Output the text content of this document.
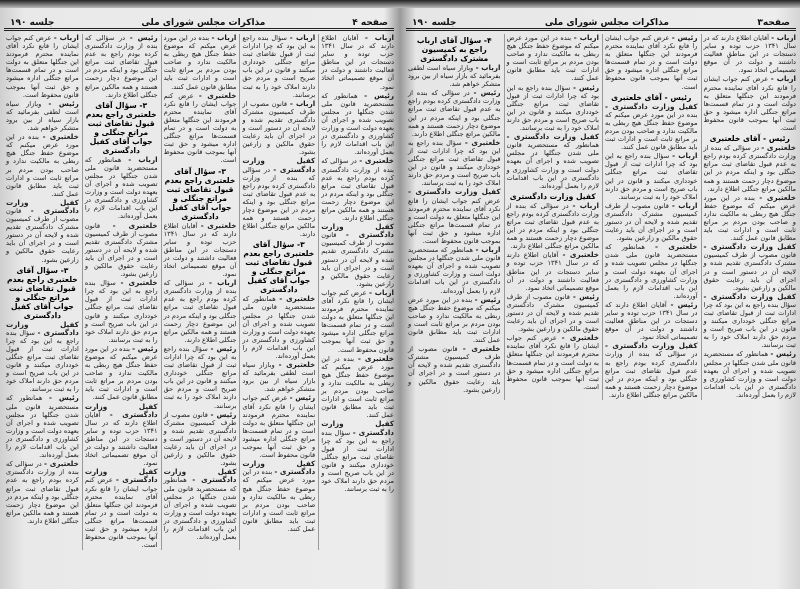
صفحه۳
مذاکرات مجلس شورای ملی
جلسه ۱۹۰

ارباب - آقایان اطلاع دارند که در سال ۱۳۴۱ حزب توده و سایر دستجات در این مناطق فعالیت داشتند و دولت در آن موقع تصمیماتی اتخاذ نمود.

ارباب - عرض کنم جواب ایشان را قانع نکرد آقای نماینده محترم فرمودند این جنگلها متعلق به دولت است و در تمام قسمت‌ها مراتع جنگلی اداره میشود و حق ثبت آنها بموجب قانون محفوظ است.

رئیس - آقای خلعتبری

خلعتبری - در سؤالی که بنده از وزارت دادگستری کرده بودم راجع به عدم قبول تقاضای ثبت مراتع جنگلی بود و اینکه مردم در این موضوع دچار زحمت هستند و همه مالکین مراتع جنگلی اطلاع دارند.

خلعتبری - بنده در این مورد عرض میکنم که موضوع حفظ جنگل هیچ ربطی به مالکیت ندارد و صاحب بودن مردم بر مراتع ثابت است و ادارات ثبت باید مطابق قانون عمل کنند.

کفیل وزارت دادگستری - قانون مصوب از طرف کمیسیون مشترک دادگستری تقدیم شده و لایحه آن در دستور است و در اجرای آن باید رعایت حقوق مالکین و زارعین بشود.

کفیل وزارت دادگستری - سؤال بنده راجع به این بود که چرا ادارات ثبت از قبول تقاضای ثبت مراتع جنگلی خودداری میکنند و قانون در این باب صریح است و مردم حق دارند املاک خود را به ثبت برسانند.

رئیس - همانطور که مستحضرید قانون ملی شدن جنگلها در مجلس تصویب شده و اجرای آن بعهده دولت است و وزارت کشاورزی و دادگستری در این باب اقدامات لازم را بعمل آورده‌اند.

رئیس - عرض کنم جواب ایشان را قانع نکرد آقای نماینده محترم فرمودند این جنگلها متعلق به دولت است و در تمام قسمت‌ها مراتع جنگلی اداره میشود و حق ثبت آنها بموجب قانون محفوظ است.

رئیس - آقای خلعتبری

کفیل وزارت دادگستری - بنده در این مورد عرض میکنم که موضوع حفظ جنگل هیچ ربطی به مالکیت ندارد و صاحب بودن مردم بر مراتع ثابت است و ادارات ثبت باید مطابق قانون عمل کنند.

ارباب - سؤال بنده راجع به این بود که چرا ادارات ثبت از قبول تقاضای ثبت مراتع جنگلی خودداری میکنند و قانون در این باب صریح است و مردم حق دارند املاک خود را به ثبت برسانند.

ارباب - قانون مصوب از طرف کمیسیون مشترک دادگستری تقدیم شده و لایحه آن در دستور است و در اجرای آن باید رعایت حقوق مالکین و زارعین بشود.

خلعتبری - همانطور که مستحضرید قانون ملی شدن جنگلها در مجلس تصویب شده و اجرای آن بعهده دولت است و وزارت کشاورزی و دادگستری در این باب اقدامات لازم را بعمل آورده‌اند.

رئیس - آقایان اطلاع دارند که در سال ۱۳۴۱ حزب توده و سایر دستجات در این مناطق فعالیت داشتند و دولت در آن موقع تصمیماتی اتخاذ نمود.

کفیل وزارت دادگستری - در سؤالی که بنده از وزارت دادگستری کرده بودم راجع به عدم قبول تقاضای ثبت مراتع جنگلی بود و اینکه مردم در این موضوع دچار زحمت هستند و همه مالکین مراتع جنگلی اطلاع دارند.

ارباب - بنده در این مورد عرض میکنم که موضوع حفظ جنگل هیچ ربطی به مالکیت ندارد و صاحب بودن مردم بر مراتع ثابت است و ادارات ثبت باید مطابق قانون عمل کنند.

رئیس - سؤال بنده راجع به این بود که چرا ادارات ثبت از قبول تقاضای ثبت مراتع جنگلی خودداری میکنند و قانون در این باب صریح است و مردم حق دارند املاک خود را به ثبت برسانند.

کفیل وزارت دادگستری - همانطور که مستحضرید قانون ملی شدن جنگلها در مجلس تصویب شده و اجرای آن بعهده دولت است و وزارت کشاورزی و دادگستری در این باب اقدامات لازم را بعمل آورده‌اند.

کفیل وزارت دادگستری

ارباب - در سؤالی که بنده از وزارت دادگستری کرده بودم راجع به عدم قبول تقاضای ثبت مراتع جنگلی بود و اینکه مردم در این موضوع دچار زحمت هستند و همه مالکین مراتع جنگلی اطلاع دارند.

خلعتبری - آقایان اطلاع دارند که در سال ۱۳۴۱ حزب توده و سایر دستجات در این مناطق فعالیت داشتند و دولت در آن موقع تصمیماتی اتخاذ نمود.

رئیس - قانون مصوب از طرف کمیسیون مشترک دادگستری تقدیم شده و لایحه آن در دستور است و در اجرای آن باید رعایت حقوق مالکین و زارعین بشود.

خلعتبری - عرض کنم جواب ایشان را قانع نکرد آقای نماینده محترم فرمودند این جنگلها متعلق به دولت است و در تمام قسمت‌ها مراتع جنگلی اداره میشود و حق ثبت آنها بموجب قانون محفوظ است.

۴- سؤال آقای ارباب راجع به کمیسیون مشترک دادگستری

ارباب - وبازار سیاه است لطفی بفرمائید که بازار سیاه از بین برود متشکر خواهم شد.

رئیس - در سؤالی که بنده از وزارت دادگستری کرده بودم راجع به عدم قبول تقاضای ثبت مراتع جنگلی بود و اینکه مردم در این موضوع دچار زحمت هستند و همه مالکین مراتع جنگلی اطلاع دارند.

خلعتبری - سؤال بنده راجع به این بود که چرا ادارات ثبت از قبول تقاضای ثبت مراتع جنگلی خودداری میکنند و قانون در این باب صریح است و مردم حق دارند املاک خود را به ثبت برسانند.

کفیل وزارت دادگستری - عرض کنم جواب ایشان را قانع نکرد آقای نماینده محترم فرمودند این جنگلها متعلق به دولت است و در تمام قسمت‌ها مراتع جنگلی اداره میشود و حق ثبت آنها بموجب قانون محفوظ است.

ارباب - همانطور که مستحضرید قانون ملی شدن جنگلها در مجلس تصویب شده و اجرای آن بعهده دولت است و وزارت کشاورزی و دادگستری در این باب اقدامات لازم را بعمل آورده‌اند.

رئیس - بنده در این مورد عرض میکنم که موضوع حفظ جنگل هیچ ربطی به مالکیت ندارد و صاحب بودن مردم بر مراتع ثابت است و ادارات ثبت باید مطابق قانون عمل کنند.

خلعتبری - قانون مصوب از طرف کمیسیون مشترک دادگستری تقدیم شده و لایحه آن در دستور است و در اجرای آن باید رعایت حقوق مالکین و زارعین بشود.

صفحه ۴
مذاکرات مجلس شورای ملی
جلسه ۱۹۰

ارباب - آقایان اطلاع دارند که در سال ۱۳۴۱ حزب توده و سایر دستجات در این مناطق فعالیت داشتند و دولت در آن موقع تصمیماتی اتخاذ نمود.

رئیس - همانطور که مستحضرید قانون ملی شدن جنگلها در مجلس تصویب شده و اجرای آن بعهده دولت است و وزارت کشاورزی و دادگستری در این باب اقدامات لازم را بعمل آورده‌اند.

خلعتبری - در سؤالی که بنده از وزارت دادگستری کرده بودم راجع به عدم قبول تقاضای ثبت مراتع جنگلی بود و اینکه مردم در این موضوع دچار زحمت هستند و همه مالکین مراتع جنگلی اطلاع دارند.

کفیل وزارت دادگستری - قانون مصوب از طرف کمیسیون مشترک دادگستری تقدیم شده و لایحه آن در دستور است و در اجرای آن باید رعایت حقوق مالکین و زارعین بشود.

ارباب - عرض کنم جواب ایشان را قانع نکرد آقای نماینده محترم فرمودند این جنگلها متعلق به دولت است و در تمام قسمت‌ها مراتع جنگلی اداره میشود و حق ثبت آنها بموجب قانون محفوظ است.

خلعتبری - بنده در این مورد عرض میکنم که موضوع حفظ جنگل هیچ ربطی به مالکیت ندارد و صاحب بودن مردم بر مراتع ثابت است و ادارات ثبت باید مطابق قانون عمل کنند.

کفیل وزارت دادگستری - سؤال بنده راجع به این بود که چرا ادارات ثبت از قبول تقاضای ثبت مراتع جنگلی خودداری میکنند و قانون در این باب صریح است و مردم حق دارند املاک خود را به ثبت برسانند.

ارباب - سؤال بنده راجع به این بود که چرا ادارات ثبت از قبول تقاضای ثبت مراتع جنگلی خودداری میکنند و قانون در این باب صریح است و مردم حق دارند املاک خود را به ثبت برسانند.

ارباب - قانون مصوب از طرف کمیسیون مشترک دادگستری تقدیم شده و لایحه آن در دستور است و در اجرای آن باید رعایت حقوق مالکین و زارعین بشود.

کفیل وزارت دادگستری - در سؤالی که بنده از وزارت دادگستری کرده بودم راجع به عدم قبول تقاضای ثبت مراتع جنگلی بود و اینکه مردم در این موضوع دچار زحمت هستند و همه مالکین مراتع جنگلی اطلاع دارند.

۳- سؤال آقای خلعتبری راجع بعدم قبول تقاضای ثبت مراتع جنگلی و جواب آقای کفیل دادگستری

خلعتبری - همانطور که مستحضرید قانون ملی شدن جنگلها در مجلس تصویب شده و اجرای آن بعهده دولت است و وزارت کشاورزی و دادگستری در این باب اقدامات لازم را بعمل آورده‌اند.

خلعتبری - وبازار سیاه است لطفی بفرمائید که بازار سیاه از بین برود متشکر خواهم شد.

رئیس - عرض کنم جواب ایشان را قانع نکرد آقای نماینده محترم فرمودند این جنگلها متعلق به دولت است و در تمام قسمت‌ها مراتع جنگلی اداره میشود و حق ثبت آنها بموجب قانون محفوظ است.

کفیل وزارت دادگستری - بنده در این مورد عرض میکنم که موضوع حفظ جنگل هیچ ربطی به مالکیت ندارد و صاحب بودن مردم بر مراتع ثابت است و ادارات ثبت باید مطابق قانون عمل کنند.

ارباب - بنده در این مورد عرض میکنم که موضوع حفظ جنگل هیچ ربطی به مالکیت ندارد و صاحب بودن مردم بر مراتع ثابت است و ادارات ثبت باید مطابق قانون عمل کنند.

خلعتبری - عرض کنم جواب ایشان را قانع نکرد آقای نماینده محترم فرمودند این جنگلها متعلق به دولت است و در تمام قسمت‌ها مراتع جنگلی اداره میشود و حق ثبت آنها بموجب قانون محفوظ است.

۳- سؤال آقای خلعتبری راجع بعدم قبول تقاضای ثبت مراتع جنگلی و جواب آقای کفیل دادگستری

خلعتبری - آقایان اطلاع دارند که در سال ۱۳۴۱ حزب توده و سایر دستجات در این مناطق فعالیت داشتند و دولت در آن موقع تصمیماتی اتخاذ نمود.

ارباب - در سؤالی که بنده از وزارت دادگستری کرده بودم راجع به عدم قبول تقاضای ثبت مراتع جنگلی بود و اینکه مردم در این موضوع دچار زحمت هستند و همه مالکین مراتع جنگلی اطلاع دارند.

رئیس - سؤال بنده راجع به این بود که چرا ادارات ثبت از قبول تقاضای ثبت مراتع جنگلی خودداری میکنند و قانون در این باب صریح است و مردم حق دارند املاک خود را به ثبت برسانند.

رئیس - قانون مصوب از طرف کمیسیون مشترک دادگستری تقدیم شده و لایحه آن در دستور است و در اجرای آن باید رعایت حقوق مالکین و زارعین بشود.

کفیل وزارت دادگستری - همانطور که مستحضرید قانون ملی شدن جنگلها در مجلس تصویب شده و اجرای آن بعهده دولت است و وزارت کشاورزی و دادگستری در این باب اقدامات لازم را بعمل آورده‌اند.

رئیس - در سؤالی که بنده از وزارت دادگستری کرده بودم راجع به عدم قبول تقاضای ثبت مراتع جنگلی بود و اینکه مردم در این موضوع دچار زحمت هستند و همه مالکین مراتع جنگلی اطلاع دارند.

۳- سؤال آقای خلعتبری راجع بعدم قبول تقاضای ثبت مراتع جنگلی و جواب آقای کفیل دادگستری

ارباب - همانطور که مستحضرید قانون ملی شدن جنگلها در مجلس تصویب شده و اجرای آن بعهده دولت است و وزارت کشاورزی و دادگستری در این باب اقدامات لازم را بعمل آورده‌اند.

خلعتبری - قانون مصوب از طرف کمیسیون مشترک دادگستری تقدیم شده و لایحه آن در دستور است و در اجرای آن باید رعایت حقوق مالکین و زارعین بشود.

خلعتبری - سؤال بنده راجع به این بود که چرا ادارات ثبت از قبول تقاضای ثبت مراتع جنگلی خودداری میکنند و قانون در این باب صریح است و مردم حق دارند املاک خود را به ثبت برسانند.

رئیس - بنده در این مورد عرض میکنم که موضوع حفظ جنگل هیچ ربطی به مالکیت ندارد و صاحب بودن مردم بر مراتع ثابت است و ادارات ثبت باید مطابق قانون عمل کنند.

کفیل وزارت دادگستری - آقایان اطلاع دارند که در سال ۱۳۴۱ حزب توده و سایر دستجات در این مناطق فعالیت داشتند و دولت در آن موقع تصمیماتی اتخاذ نمود.

کفیل وزارت دادگستری - عرض کنم جواب ایشان را قانع نکرد آقای نماینده محترم فرمودند این جنگلها متعلق به دولت است و در تمام قسمت‌ها مراتع جنگلی اداره میشود و حق ثبت آنها بموجب قانون محفوظ است.

ارباب - عرض کنم جواب ایشان را قانع نکرد آقای نماینده محترم فرمودند این جنگلها متعلق به دولت است و در تمام قسمت‌ها مراتع جنگلی اداره میشود و حق ثبت آنها بموجب قانون محفوظ است.

رئیس - وبازار سیاه است لطفی بفرمائید که بازار سیاه از بین برود متشکر خواهم شد.

خلعتبری - بنده در این مورد عرض میکنم که موضوع حفظ جنگل هیچ ربطی به مالکیت ندارد و صاحب بودن مردم بر مراتع ثابت است و ادارات ثبت باید مطابق قانون عمل کنند.

کفیل وزارت دادگستری - قانون مصوب از طرف کمیسیون مشترک دادگستری تقدیم شده و لایحه آن در دستور است و در اجرای آن باید رعایت حقوق مالکین و زارعین بشود.

۳- سؤال آقای خلعتبری راجع بعدم قبول تقاضای ثبت مراتع جنگلی و جواب آقای کفیل دادگستری

کفیل وزارت دادگستری - سؤال بنده راجع به این بود که چرا ادارات ثبت از قبول تقاضای ثبت مراتع جنگلی خودداری میکنند و قانون در این باب صریح است و مردم حق دارند املاک خود را به ثبت برسانند.

رئیس - همانطور که مستحضرید قانون ملی شدن جنگلها در مجلس تصویب شده و اجرای آن بعهده دولت است و وزارت کشاورزی و دادگستری در این باب اقدامات لازم را بعمل آورده‌اند.

خلعتبری - در سؤالی که بنده از وزارت دادگستری کرده بودم راجع به عدم قبول تقاضای ثبت مراتع جنگلی بود و اینکه مردم در این موضوع دچار زحمت هستند و همه مالکین مراتع جنگلی اطلاع دارند.
